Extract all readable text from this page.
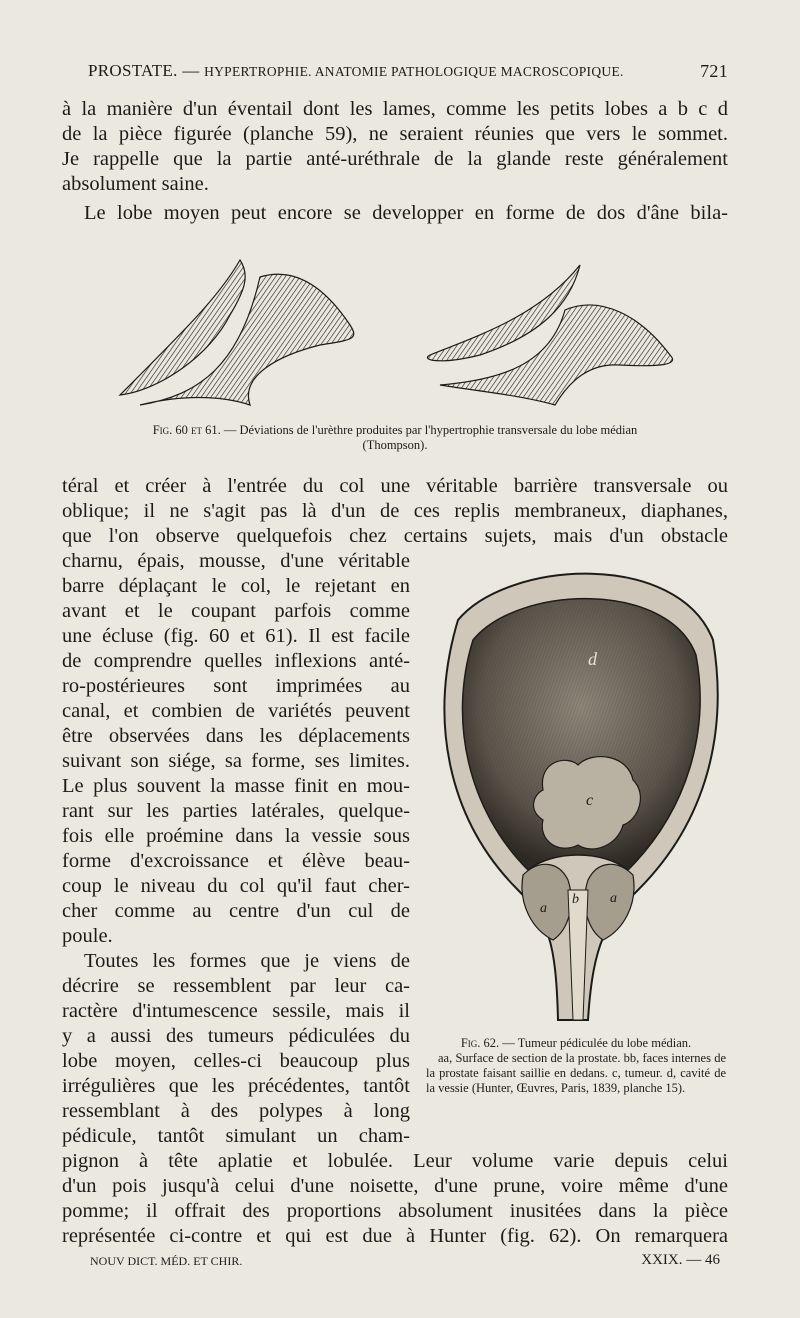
PROSTATE. — HYPERTROPHIE. ANATOMIE PATHOLOGIQUE MACROSCOPIQUE.	721
à la manière d'un éventail dont les lames, comme les petits lobes a b c d
de la pièce figurée (planche 59), ne seraient réunies que vers le sommet.
Je rappelle que la partie anté-uréthrale de la glande reste généralement
absolument saine.
Le lobe moyen peut encore se developper en forme de dos d'âne bila-
Fig. 60 et 61. — Déviations de l'urèthre produites par l'hypertrophie transversale du lobe médian
(Thompson).
téral et créer à l'entrée du col une véritable barrière transversale ou
oblique; il ne s'agit pas là d'un de ces replis membraneux, diaphanes,
que l'on observe quelquefois chez certains sujets, mais d'un obstacle
charnu, épais, mousse, d'une véritable
barre déplaçant le col, le rejetant en
avant et le coupant parfois comme
une écluse (fig. 60 et 61). Il est facile
de comprendre quelles inflexions anté-
ro-postérieures sont imprimées au
canal, et combien de variétés peuvent
être observées dans les déplacements
suivant son siége, sa forme, ses limites.
Le plus souvent la masse finit en mou-
rant sur les parties latérales, quelque-
fois elle proémine dans la vessie sous
forme d'excroissance et élève beau-
coup le niveau du col qu'il faut cher-
cher comme au centre d'un cul de
poule.
Toutes les formes que je viens de
décrire se ressemblent par leur ca-
ractère d'intumescence sessile, mais il
y a aussi des tumeurs pédiculées du
lobe moyen, celles-ci beaucoup plus
irrégulières que les précédentes, tantôt
ressemblant à des polypes à long
pédicule, tantôt simulant un cham-
pignon à tête aplatie et lobulée. Leur volume varie depuis celui
d'un pois jusqu'à celui d'une noisette, d'une prune, voire même d'une
pomme; il offrait des proportions absolument inusitées dans la pièce
représentée ci-contre et qui est due à Hunter (fig. 62). On remarquera
d
c
b
a
a
Fig. 62. — Tumeur pédiculée du lobe médian.
aa, Surface de section de la prostate. bb, faces internes de la prostate faisant saillie en dedans. c, tumeur. d, cavité de la vessie (Hunter, Œuvres, Paris, 1839, planche 15).
NOUV DICT. MÉD. ET CHIR.	XXIX. — 46
